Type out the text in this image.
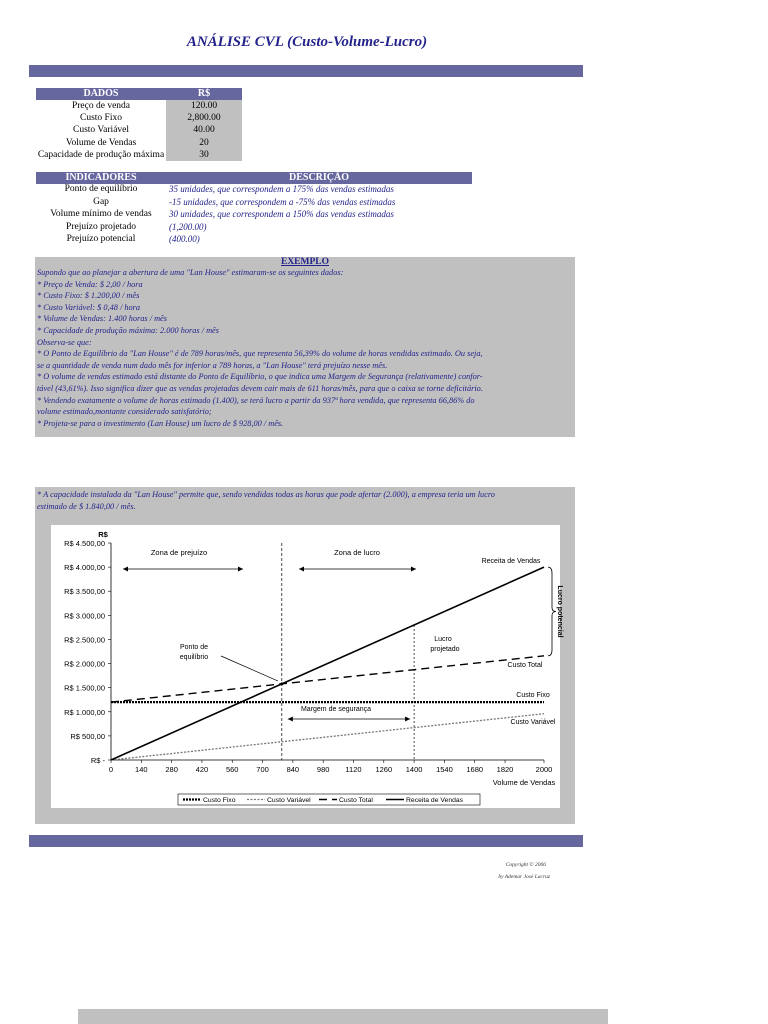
ANÁLISE CVL (Custo-Volume-Lucro)
DADOS	R$
Preço de venda	120.00
Custo Fixo	2,800.00
Custo Variável	40.00
Volume de Vendas	20
Capacidade de produção máxima	30
INDICADORES	DESCRIÇÃO
Ponto de equilíbrio	35 unidades, que correspondem a 175% das vendas estimadas
Gap	-15 unidades, que correspondem a -75% das vendas estimadas
Volume mínimo de vendas	30 unidades, que correspondem a 150% das vendas estimadas
Prejuízo projetado	(1,200.00)
Prejuízo potencial	(400.00)
EXEMPLO
Supondo que ao planejar a abertura de uma "Lan House" estimaram-se os seguintes dados:
* Preço de Venda: $ 2,00 / hora
* Custo Fixo: $ 1.200,00 / mês
* Custo Variável: $ 0,48 / hora
* Volume de Vendas: 1.400 horas / mês
* Capacidade de produção máxima: 2.000 horas / mês
Observa-se que:
* O Ponto de Equilíbrio da "Lan House" é de 789 horas/mês, que representa 56,39% do volume de horas vendidas estimado. Ou seja,
se a quantidade de venda num dado mês for inferior a 789 horas, a "Lan House" terá prejuízo nesse mês.
* O volume de vendas estimado está distante do Ponto de Equilíbrio, o que indica uma Margem de Segurança (relativamente) confor-
tável (43,61%). Isso significa dizer que as vendas projetadas devem cair mais de 611 horas/mês, para que o caixa se torne deficitário.
* Vendendo exatamente o volume de horas estimado (1.400), se terá lucro a partir da 937ª hora vendida, que representa 66,86% do
volume estimado,montante considerado satisfatório;
* Projeta-se para o investimento (Lan House) um lucro de $ 928,00 / mês.
* A capacidade instalada da "Lan House" permite que, sendo vendidas todas as horas que pode afertar (2.000), a empresa teria um lucro
estimado de $ 1.840,00 / mês.
R$ -
R$ 500,00
R$ 1.000,00
R$ 1.500,00
R$ 2.000,00
R$ 2.500,00
R$ 3.000,00
R$ 3.500,00
R$ 4.000,00
R$ 4.500,00
R$
0	140 280 420 560 700 840 980 1120 1260 1400 1540 1680 1820	2000
Volume de Vendas
Zona de prejuízo	Zona de lucro
Ponto de
equilíbrio
Lucro
projetado
Margem de segurança
Lucro potencial
Receita de Vendas
Custo Total
Custo Fixo
Custo Variável
Custo Fixo	Custo Variável	Custo Total	Receita de Vendas
Copyright © 2006
by Ademar José Lacruz
